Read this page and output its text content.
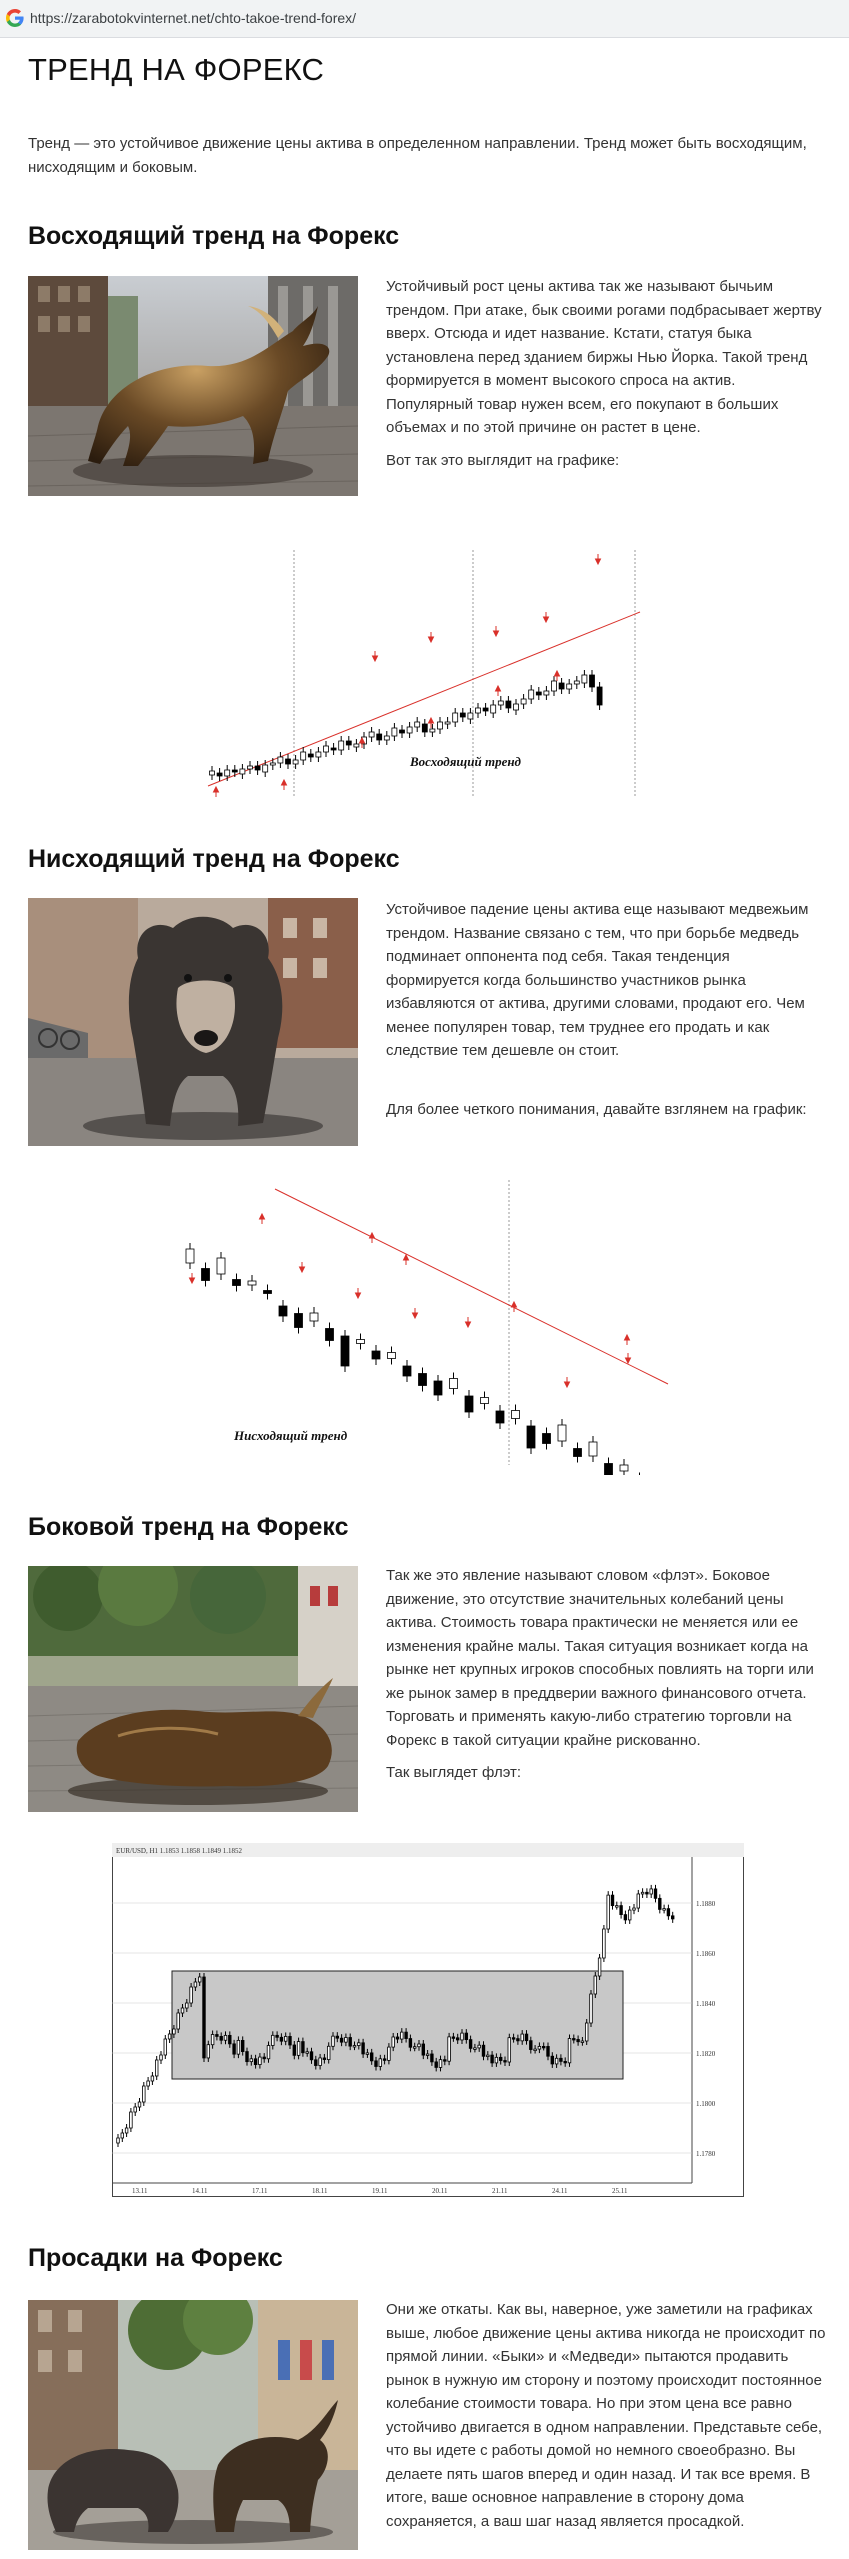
https://zarabotokvinternet.net/chto-takoe-trend-forex/
ТРЕНД НА ФОРЕКС

Тренд — это устойчивое движение цены актива в определенном направлении. Тренд может быть восходящим, нисходящим и боковым.

Восходящий тренд на Форекс

Устойчивый рост цены актива так же называют бычьим трендом. При атаке, бык своими рогами подбрасывает жертву вверх. Отсюда и идет название. Кстати, статуя быка установлена перед зданием биржы Нью Йорка. Такой тренд формируется в момент высокого спроса на актив. Популярный товар нужен всем, его покупают в больших объемах и по этой причине он растет в цене.

Вот так это выглядит на графике:

Восходящий тренд
Нисходящий тренд на Форекс

Устойчивое падение цены актива еще называют медвежьим трендом. Название связано с тем, что при борьбе медведь подминает оппонента под себя. Такая тенденция формируется когда большинство участников рынка избавляются от актива, другими словами, продают его. Чем менее популярен товар, тем труднее его продать и как следствие тем дешевле он стоит.

Для более четкого понимания, давайте взглянем на график:

Нисходящий тренд
Боковой тренд на Форекс

Так же это явление называют словом «флэт». Боковое движение, это отсутствие значительных колебаний цены актива. Стоимость товара практически не меняется или ее изменения крайне малы. Такая ситуация возникает когда на рынке нет крупных игроков способных повлиять на торги или же рынок замер в преддверии важного финансового отчета. Торговать и применять какую-либо стратегию торговли на Форекс в такой ситуации крайне рискованно.

Так выглядет флэт:

EUR/USD, H1 1.1853 1.1858 1.1849 1.1852
1.1880
1.1860
1.1840
1.1820
1.1800
1.1780
13.11	14.11	17.11	18.11	19.11	20.11	21.11	24.11	25.11
Просадки на Форекс

Они же откаты. Как вы, наверное, уже заметили на графиках выше, любое движение цены актива никогда не происходит по прямой линии. «Быки» и «Медведи» пытаются продавить рынок в нужную им сторону и поэтому происходит постоянное колебание стоимости товара. Но при этом цена все равно устойчиво двигается в одном направлении. Представьте себе, что вы идете с работы домой но немного своеобразно. Вы делаете пять шагов вперед и один назад. И так все время. В итоге, ваше основное направление в сторону дома сохраняется, а ваш шаг назад является просадкой.
